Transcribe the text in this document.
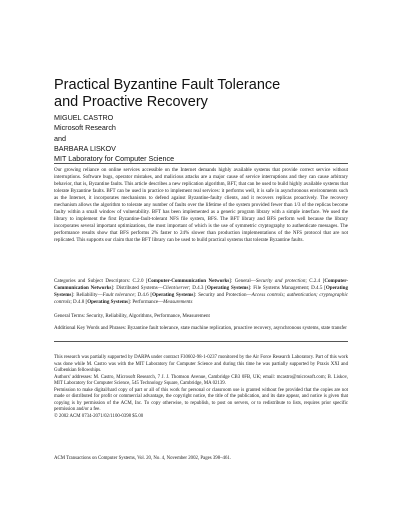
Practical Byzantine Fault Tolerance
and Proactive Recovery
MIGUEL CASTRO
Microsoft Research
and
BARBARA LISKOV
MIT Laboratory for Computer Science

Our growing reliance on online services accessible on the Internet demands highly available systems that provide correct service without interruptions. Software bugs, operator mistakes, and malicious attacks are a major cause of service interruptions and they can cause arbitrary behavior, that is, Byzantine faults. This article describes a new replication algorithm, BFT, that can be used to build highly available systems that tolerate Byzantine faults. BFT can be used in practice to implement real services: it performs well, it is safe in asynchronous environments such as the Internet, it incorporates mechanisms to defend against Byzantine-faulty clients, and it recovers replicas proactively. The recovery mechanism allows the algorithm to tolerate any number of faults over the lifetime of the system provided fewer than 1/3 of the replicas become faulty within a small window of vulnerability. BFT has been implemented as a generic program library with a simple interface. We used the library to implement the first Byzantine-fault-tolerant NFS file system, BFS. The BFT library and BFS perform well because the library incorporates several important optimizations, the most important of which is the use of symmetric cryptography to authenticate messages. The performance results show that BFS performs 2% faster to 24% slower than production implementations of the NFS protocol that are not replicated. This supports our claim that the BFT library can be used to build practical systems that tolerate Byzantine faults.

Categories and Subject Descriptors: C.2.0 [Computer-Communication Networks]: General—Security and protection; C.2.4 [Computer-Communication Networks]: Distributed Systems—Client/server; D.4.3 [Operating Systems]: File Systems Management; D.4.5 [Operating Systems]: Reliability—Fault tolerance; D.4.6 [Operating Systems]: Security and Protection—Access controls; authentication; cryptographic controls; D.4.8 [Operating Systems]: Performance—Measurements

General Terms: Security, Reliability, Algorithms, Performance, Measurement

Additional Key Words and Phrases: Byzantine fault tolerance, state machine replication, proactive recovery, asynchronous systems, state transfer

This research was partially supported by DARPA under contract F30602-98-1-0237 monitored by the Air Force Research Laboratory. Part of this work was done while M. Castro was with the MIT Laboratory for Computer Science and during this time he was partially supported by Praxis XXI and Gulbenkian fellowships.

Authors' addresses: M. Castro, Microsoft Research, 7 J. J. Thomson Avenue, Cambridge CB3 0FB, UK; email: mcastro@microsoft.com; B. Liskov, MIT Laboratory for Computer Science, 545 Technology Square, Cambridge, MA 02139.

Permission to make digital/hard copy of part or all of this work for personal or classroom use is granted without fee provided that the copies are not made or distributed for profit or commercial advantage, the copyright notice, the title of the publication, and its date appear, and notice is given that copying is by permission of the ACM, Inc. To copy otherwise, to republish, to post on servers, or to redistribute to lists, requires prior specific permission and/or a fee.

© 2002 ACM 0734-2071/02/1100-0398 $5.00

ACM Transactions on Computer Systems, Vol. 20, No. 4, November 2002, Pages 398–461.
